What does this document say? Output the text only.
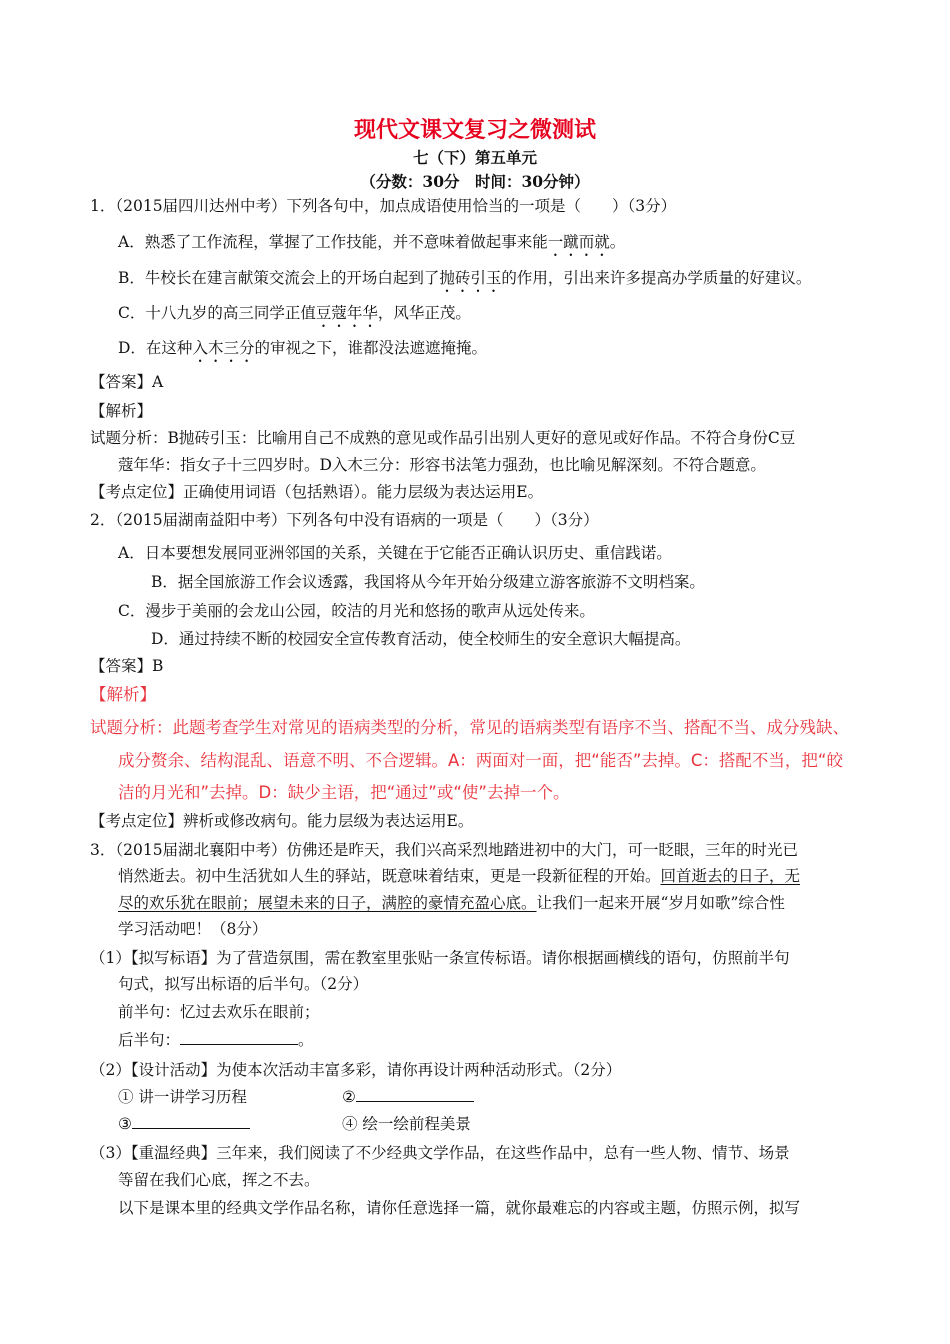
现代文课文复习之微测试
七（下）第五单元
（分数：30分　时间：30分钟）
1．（2015届四川达州中考）下列各句中，加点成语使用恰当的一项是（　　）（3分）
A．熟悉了工作流程，掌握了工作技能，并不意味着做起事来能一蹴而就。
B．牛校长在建言献策交流会上的开场白起到了抛砖引玉的作用，引出来许多提高办学质量的好建议。
C．十八九岁的高三同学正值豆蔻年华，风华正茂。
D．在这种入木三分的审视之下，谁都没法遮遮掩掩。
【答案】A
【解析】
试题分析：B抛砖引玉：比喻用自己不成熟的意见或作品引出别人更好的意见或好作品。不符合身份C豆
蔻年华：指女子十三四岁时。D入木三分：形容书法笔力强劲，也比喻见解深刻。不符合题意。
【考点定位】正确使用词语（包括熟语）。能力层级为表达运用E。
2．（2015届湖南益阳中考）下列各句中没有语病的一项是（　　）（3分）
A．日本要想发展同亚洲邻国的关系，关键在于它能否正确认识历史、重信践诺。
B．据全国旅游工作会议透露，我国将从今年开始分级建立游客旅游不文明档案。
C．漫步于美丽的会龙山公园，皎洁的月光和悠扬的歌声从远处传来。
D．通过持续不断的校园安全宣传教育活动，使全校师生的安全意识大幅提高。
【答案】B
【解析】
试题分析：此题考查学生对常见的语病类型的分析，常见的语病类型有语序不当、搭配不当、成分残缺、
成分赘余、结构混乱、语意不明、不合逻辑。A：两面对一面，把“能否”去掉。C：搭配不当，把“皎
洁的月光和”去掉。D：缺少主语，把“通过”或“使”去掉一个。
【考点定位】辨析或修改病句。能力层级为表达运用E。
3．（2015届湖北襄阳中考）仿佛还是昨天，我们兴高采烈地踏进初中的大门，可一眨眼，三年的时光已
悄然逝去。初中生活犹如人生的驿站，既意味着结束，更是一段新征程的开始。回首逝去的日子，无
尽的欢乐犹在眼前；展望未来的日子，满腔的豪情充盈心底。让我们一起来开展“岁月如歌”综合性
学习活动吧！（8分）
（1）【拟写标语】为了营造氛围，需在教室里张贴一条宣传标语。请你根据画横线的语句，仿照前半句
句式，拟写出标语的后半句。（2分）
前半句：忆过去欢乐在眼前；
后半句：	。
（2）【设计活动】为使本次活动丰富多彩，请你再设计两种活动形式。（2分）
① 讲一讲学习历程	②
③	④ 绘一绘前程美景
（3）【重温经典】三年来，我们阅读了不少经典文学作品，在这些作品中，总有一些人物、情节、场景
等留在我们心底，挥之不去。
以下是课本里的经典文学作品名称，请你任意选择一篇，就你最难忘的内容或主题，仿照示例，拟写
